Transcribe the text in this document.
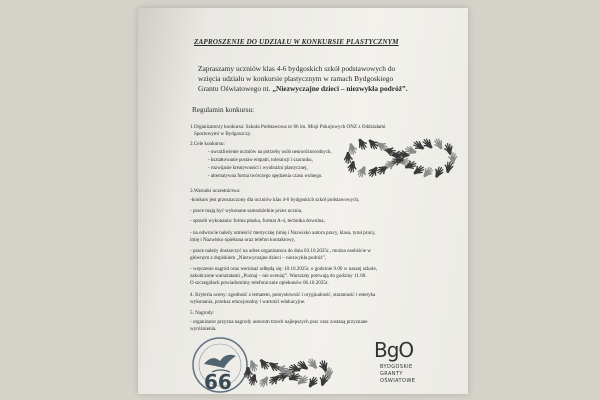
ZAPROSZENIE DO UDZIAŁU W KONKURSIE PLASTYCZNYM
Zapraszamy uczniów klas 4-6 bydgoskich szkół podstawowych do
wzięcia udziału w konkursie plastycznym w ramach Bydgoskiego
Grantu Oświatowego nt. „Niezwyczajne dzieci – niezwykła podróż”.
Regulamin konkursu:
1.Organizatorzy konkursu: Szkoła Podstawowa nr 66 im. Misji Pokojowych ONZ z Oddziałami
Sportowymi w Bydgoszczy.
2.Cele konkursu:
- uwrażliwienie uczniów na potrzeby osób neuroróżnorodnych,
- kształtowanie postaw empatii, tolerancji i szacunku,
- rozwijanie kreatywności i wyobraźni plastycznej,
- alternatywna forma twórczego spędzenia czasu wolnego.
3.Warunki uczestnictwa:
-konkurs jest przeznaczony dla uczniów klas 4-6 bydgoskich szkół podstawowych,
- prace mają być wykonane samodzielnie przez ucznia,
- sposób wykonania: forma płaska, format A-4, technika dowolna,
- na odwrocie należy umieścić metryczkę (imię i Nazwisko autora pracy, klasa, tytuł pracy,
imię i Nazwisko opiekuna oraz telefon kontaktowy,
- prace należy dostarczyć na adres organizatora do dnia 03.10.2025r., można osobiście w
głównym z dopiskiem „Niezwyczajne dzieci – niezwykła podróż”,
- wręczenie nagród oraz wernisaż odbędą się: 10.10.2025r. o godzinie 9.00 w naszej szkole,
zakończone warsztatami „Poznaj – nie oceniaj”. Warsztaty potrwają do godziny 11.00.
O szczegółach powiadomimy telefonicznie opiekunów 06.10.2025r.
4. Kryteria oceny: zgodność z tematem, pomysłowość i oryginalność, staranność i estetyka
wykonania, przekaz emocjonalny i wartości edukacyjne.
5. Nagrody:
- organizator przyzna nagrody autorom trzech najlepszych prac oraz zostaną przyznane
wyróżnienia.
66
BgO
BYDGOSKIE
GRANTY
OŚWIATOWE
